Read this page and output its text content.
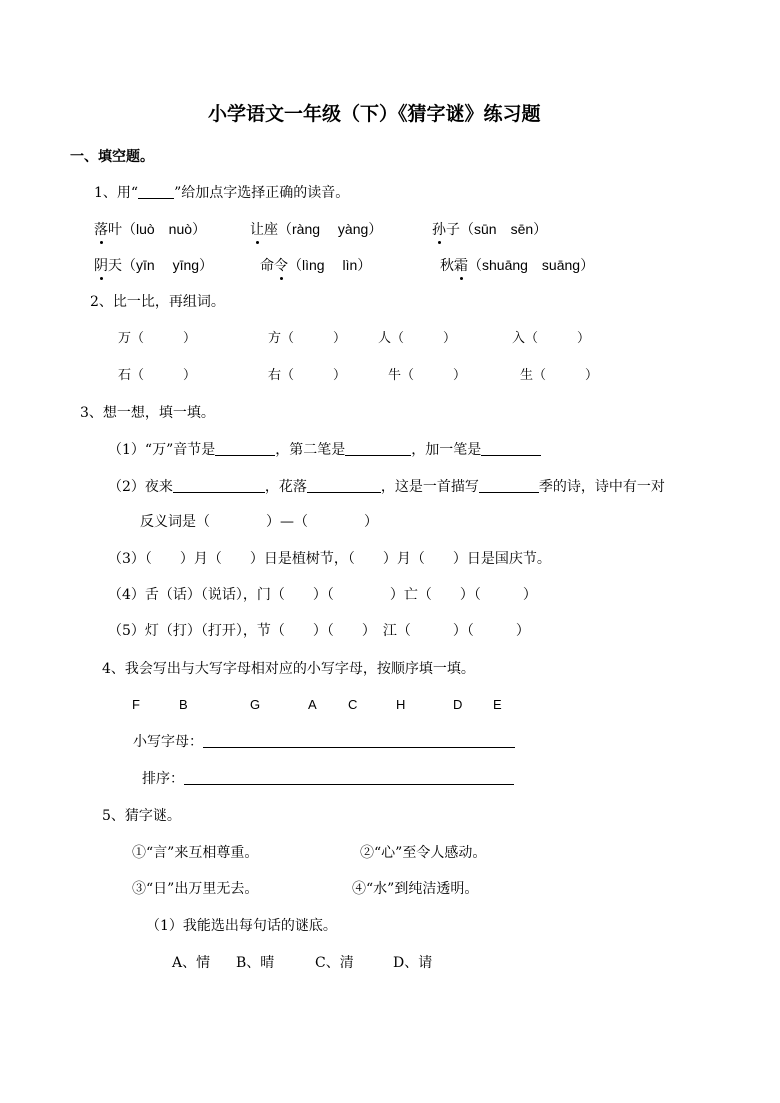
小学语文一年级（下）《猜字谜》练习题
一、填空题。
1、用“	”给加点字选择正确的读音。
落叶（luò　nuò）	让座（ràng　 yàng）	孙子（sūn　sēn）
阴天（yīn　 yīng）	命令（lìng　 lìn）	秋霜（shuāng　suāng）
2、比一比，再组词。
万（　　　）	方（　　　） 人（　　　）	入（　　　）
石（　　　）	右（　　　）	牛（　　　）	生（　　　）
3、想一想，填一填。
（1）“万”音节是	，第二笔是	，加一笔是
（2）夜来	，花落	，这是一首描写	季的诗，诗中有一对
反义词是（　　　　）—（　　　　）
（3）（　　）月（　　）日是植树节，（　　）月（　　）日是国庆节。
（4）舌（话）（说话），门（　　）（　　　　）亡（　　）（　　　）
（5）灯（打）（打开），节（　　）（　　）　江（　　　）（　　　）
4、我会写出与大写字母相对应的小写字母，按顺序填一填。
F	B	G	A C	H	D E
小写字母：
排序：
5、猜字谜。
①“言”来互相尊重。	②“心”至令人感动。
③“日”出万里无去。	④“水”到纯洁透明。
（1）我能选出每句话的谜底。
A、情 B、晴	C、清	D、请
